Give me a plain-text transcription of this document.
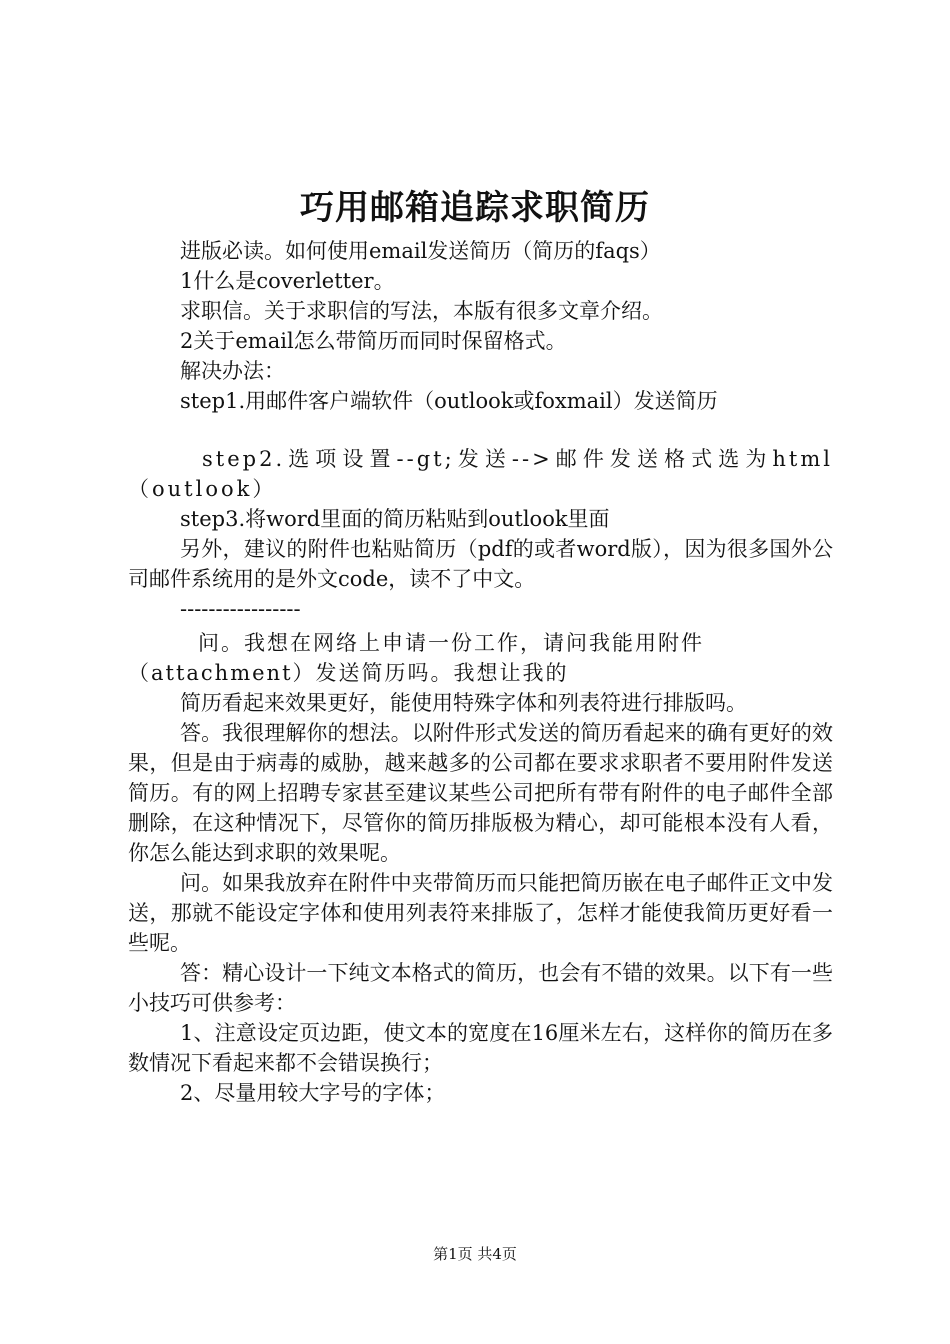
巧用邮箱追踪求职简历

进版必读。如何使用email发送简历（简历的faqs）

1什么是coverletter。

求职信。关于求职信的写法，本版有很多文章介绍。

2关于email怎么带简历而同时保留格式。

解决办法：

step1.用邮件客户端软件（outlook或foxmail）发送简历

step2.选项设置--gt;发送-->邮件发送格式选为html（outlook）

step3.将word里面的简历粘贴到outlook里面

另外，建议的附件也粘贴简历（pdf的或者word版），因为很多国外公司邮件系统用的是外文code，读不了中文。

-----------------

问。我想在网络上申请一份工作，请问我能用附件（attachment）发送简历吗。我想让我的

简历看起来效果更好，能使用特殊字体和列表符进行排版吗。

答。我很理解你的想法。以附件形式发送的简历看起来的确有更好的效果，但是由于病毒的威胁，越来越多的公司都在要求求职者不要用附件发送简历。有的网上招聘专家甚至建议某些公司把所有带有附件的电子邮件全部删除，在这种情况下，尽管你的简历排版极为精心，却可能根本没有人看，你怎么能达到求职的效果呢。

问。如果我放弃在附件中夹带简历而只能把简历嵌在电子邮件正文中发送，那就不能设定字体和使用列表符来排版了，怎样才能使我简历更好看一些呢。

答：精心设计一下纯文本格式的简历，也会有不错的效果。以下有一些小技巧可供参考：

1、注意设定页边距，使文本的宽度在16厘米左右，这样你的简历在多数情况下看起来都不会错误换行；

2、尽量用较大字号的字体；

第1页 共4页
